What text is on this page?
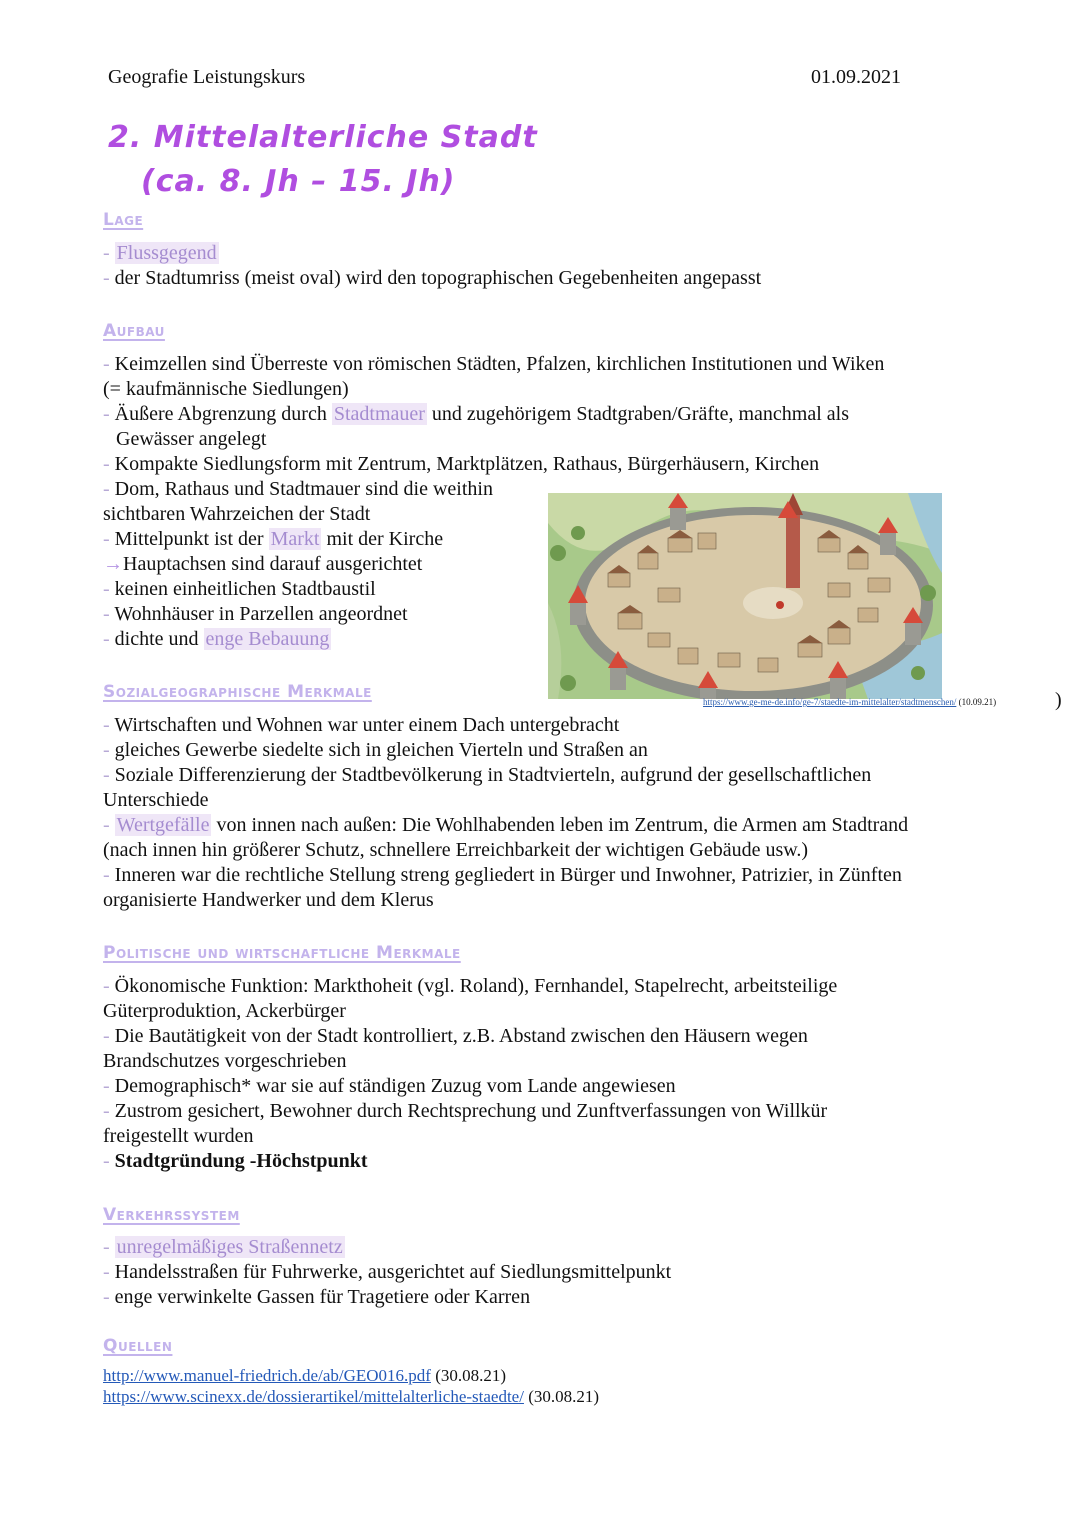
Geografie Leistungskurs	01.09.2021
2. Mittelalterliche Stadt
(ca. 8. Jh – 15. Jh)
Lage
- Flussgegend
- der Stadtumriss (meist oval) wird den topographischen Gegebenheiten angepasst
Aufbau
- Keimzellen sind Überreste von römischen Städten, Pfalzen, kirchlichen Institutionen und Wiken
(= kaufmännische Siedlungen)
- Äußere Abgrenzung durch Stadtmauer und zugehörigem Stadtgraben/Gräfte, manchmal als
Gewässer angelegt
- Kompakte Siedlungsform mit Zentrum, Marktplätzen, Rathaus, Bürgerhäusern, Kirchen
- Dom, Rathaus und Stadtmauer sind die weithin
sichtbaren Wahrzeichen der Stadt
- Mittelpunkt ist der Markt mit der Kirche
→Hauptachsen sind darauf ausgerichtet
- keinen einheitlichen Stadtbaustil
- Wohnhäuser in Parzellen angeordnet
- dichte und enge Bebauung
https://www.ge-me-de.info/ge-7/staedte-im-mittelalter/stadtmenschen/ (10.09.21)	)
Sozialgeographische Merkmale
- Wirtschaften und Wohnen war unter einem Dach untergebracht
- gleiches Gewerbe siedelte sich in gleichen Vierteln und Straßen an
- Soziale Differenzierung der Stadtbevölkerung in Stadtvierteln, aufgrund der gesellschaftlichen
Unterschiede
- Wertgefälle von innen nach außen: Die Wohlhabenden leben im Zentrum, die Armen am Stadtrand
(nach innen hin größerer Schutz, schnellere Erreichbarkeit der wichtigen Gebäude usw.)
- Inneren war die rechtliche Stellung streng gegliedert in Bürger und Inwohner, Patrizier, in Zünften
organisierte Handwerker und dem Klerus
Politische und wirtschaftliche Merkmale
- Ökonomische Funktion: Markthoheit (vgl. Roland), Fernhandel, Stapelrecht, arbeitsteilige
Güterproduktion, Ackerbürger
- Die Bautätigkeit von der Stadt kontrolliert, z.B. Abstand zwischen den Häusern wegen
Brandschutzes vorgeschrieben
- Demographisch* war sie auf ständigen Zuzug vom Lande angewiesen
- Zustrom gesichert, Bewohner durch Rechtsprechung und Zunftverfassungen von Willkür
freigestellt wurden
- Stadtgründung -Höchstpunkt
Verkehrssystem
- unregelmäßiges Straßennetz
- Handelsstraßen für Fuhrwerke, ausgerichtet auf Siedlungsmittelpunkt
- enge verwinkelte Gassen für Tragetiere oder Karren
Quellen
http://www.manuel-friedrich.de/ab/GEO016.pdf (30.08.21)
https://www.scinexx.de/dossierartikel/mittelalterliche-staedte/ (30.08.21)
